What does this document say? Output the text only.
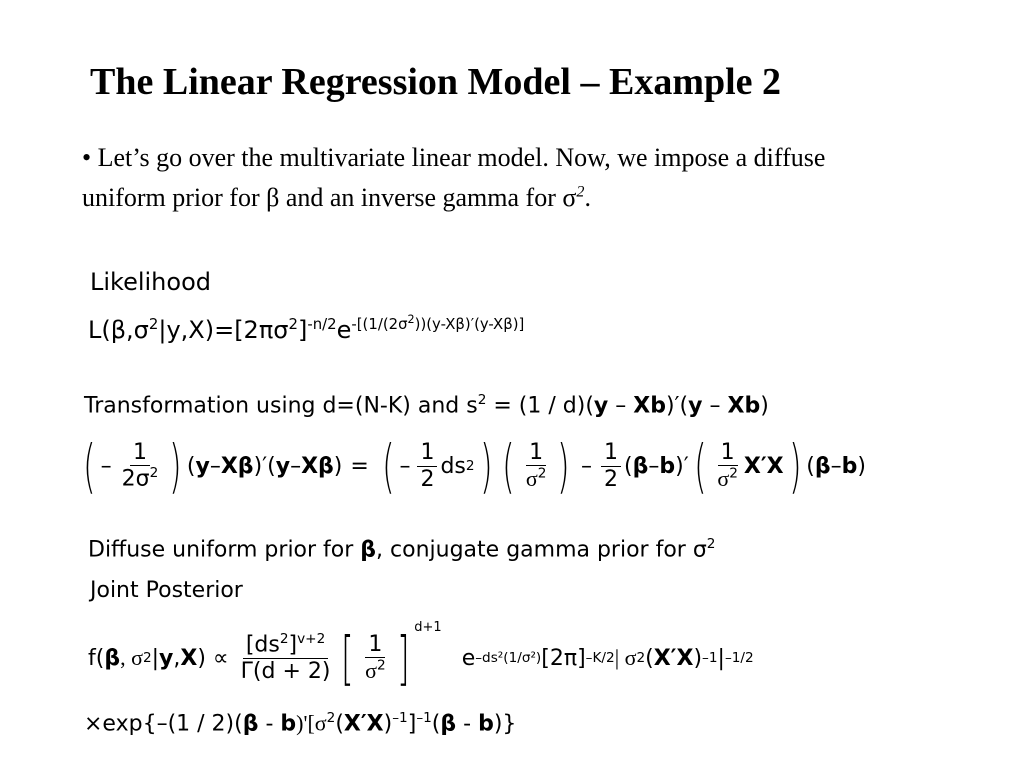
The Linear Regression Model – Example 2
• Let’s go over the multivariate linear model. Now, we impose a diffuse
uniform prior for β and an inverse gamma for $\sigma^2$.
Likelihood
$L(\beta,\sigma^2|y,X)=[2\pi\sigma^2]^{-n/2}e^{-[(1/(2\sigma^2))(y-X\beta)'(y-X\beta)]}$
Transformation using d=(N-K) and $s^2 = (1 / d)(y - Xb)'(y - Xb)$
( – $\frac{1}{2\sigma^2}$ ) ( y – Xβ )′( y – Xβ ) = ( – $\frac{1}{2}$ ds 2 ) ( $\frac{1}{\sigma^2}$ ) – $\frac{1}{2}$ ( β – b )′ ( $\frac{1}{\sigma^2} X'X$ ) ( β – b )
Diffuse uniform prior for β, conjugate gamma prior for $\sigma^2$
Joint Posterior
f( β , σ 2 | y , X ) ∝ $\frac{[ds^2]^{v+2}}{\Gamma(d + 2)}$ [ $\frac{1}{\sigma^2}$ ] d+1
e –ds²(1/σ²) [2π] –K/2 | σ 2 ( X′X ) –1 | –1/2
$\times\exp\{-(1 / 2)(\beta - b)'[\sigma^2(X'X)^{-1}]^{-1}(\beta - b)\}$
